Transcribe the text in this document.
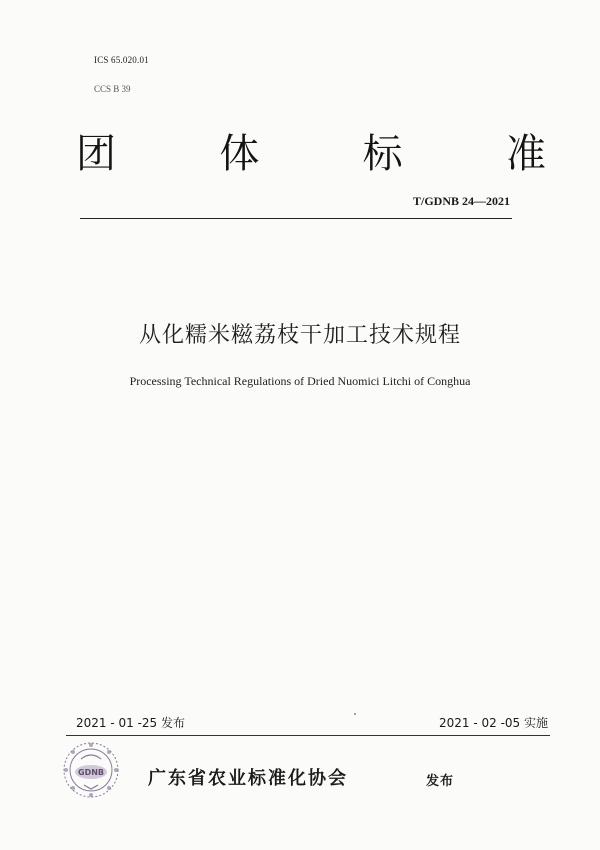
ICS 65.020.01
CCS B 39
团	体	标	准
T/GDNB 24—2021
从化糯米糍荔枝干加工技术规程
Processing Technical Regulations of Dried Nuomici Litchi of Conghua
2021 - 01 -25 发布	2021 - 02 -05 实施
GDNB 广东省农业标准化协会	发布
